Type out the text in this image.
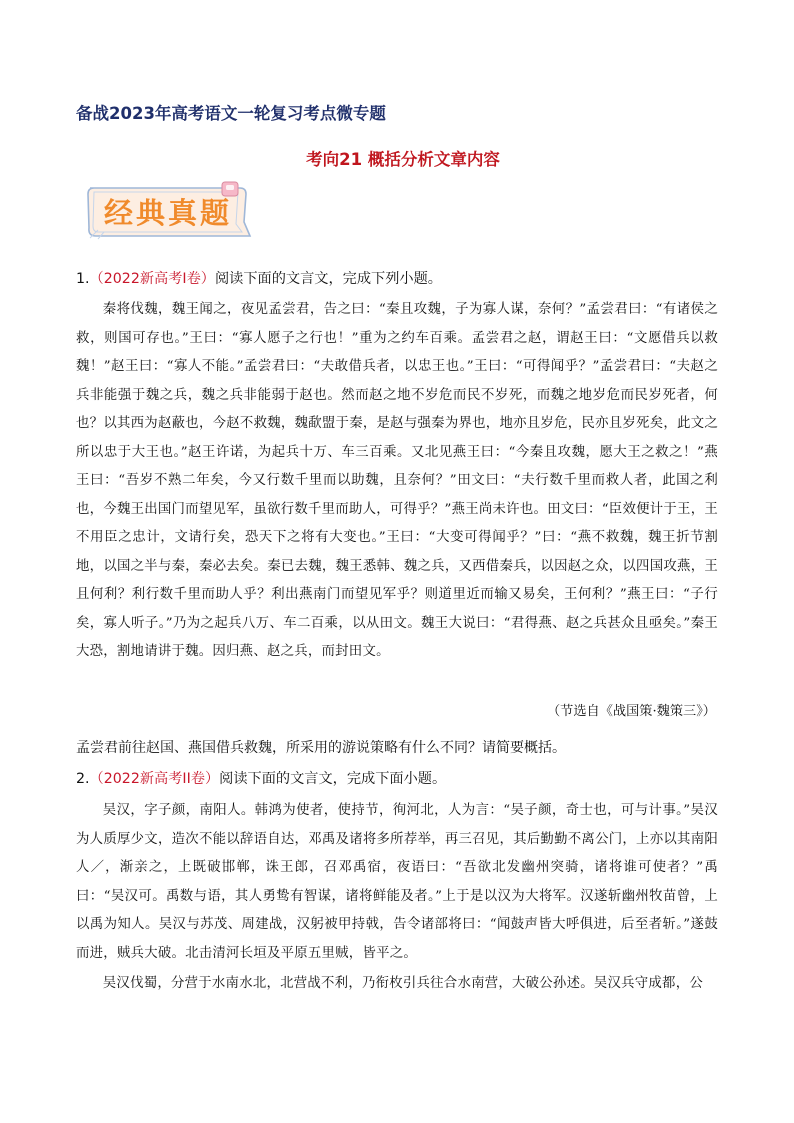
备战2023年高考语文一轮复习考点微专题
考向21 概括分析文章内容
经典真题

1.（2022新高考I卷）阅读下面的文言文，完成下列小题。

秦将伐魏，魏王闻之，夜见孟尝君，告之曰：“秦且攻魏，子为寡人谋，奈何？”孟尝君曰：“有诸侯之救，则国可存也。”王曰：“寡人愿子之行也！”重为之约车百乘。孟尝君之赵，谓赵王曰：“文愿借兵以救魏！”赵王曰：“寡人不能。”孟尝君曰：“夫敢借兵者，以忠王也。”王曰：“可得闻乎？”孟尝君曰：“夫赵之兵非能强于魏之兵，魏之兵非能弱于赵也。然而赵之地不岁危而民不岁死，而魏之地岁危而民岁死者，何也？以其西为赵蔽也，今赵不救魏，魏歃盟于秦，是赵与强秦为界也，地亦且岁危，民亦且岁死矣，此文之所以忠于大王也。”赵王许诺，为起兵十万、车三百乘。又北见燕王曰：“今秦且攻魏，愿大王之救之！”燕王曰：“吾岁不熟二年矣，今又行数千里而以助魏，且奈何？”田文曰：“夫行数千里而救人者，此国之利也，今魏王出国门而望见军，虽欲行数千里而助人，可得乎？”燕王尚未许也。田文曰：“臣效便计于王，王不用臣之忠计，文请行矣，恐天下之将有大变也。”王曰：“大变可得闻乎？”曰：“燕不救魏，魏王折节割地，以国之半与秦，秦必去矣。秦已去魏，魏王悉韩、魏之兵，又西借秦兵，以因赵之众，以四国攻燕，王且何利？利行数千里而助人乎？利出燕南门而望见军乎？则道里近而输又易矣，王何利？”燕王曰：“子行矣，寡人听子。”乃为之起兵八万、车二百乘，以从田文。魏王大说曰：“君得燕、赵之兵甚众且亟矣。”秦王大恐，割地请讲于魏。因归燕、赵之兵，而封田文。

（节选自《战国策·魏策三》）

孟尝君前往赵国、燕国借兵救魏，所采用的游说策略有什么不同？请简要概括。

2.（2022新高考II卷）阅读下面的文言文，完成下面小题。

吴汉，字子颜，南阳人。韩鸿为使者，使持节，徇河北，人为言：“吴子颜，奇士也，可与计事。”吴汉为人质厚少文，造次不能以辞语自达，邓禹及诸将多所荐举，再三召见，其后勤勤不离公门，上亦以其南阳人／，渐亲之，上既破邯郸，诛王郎，召邓禹宿，夜语曰：“吾欲北发幽州突骑，诸将谁可使者？”禹曰：“吴汉可。禹数与语，其人勇鸷有智谋，诸将鲜能及者。”上于是以汉为大将军。汉遂斩幽州牧苗曾，上以禹为知人。吴汉与苏茂、周建战，汉躬被甲持戟，告令诸部将曰：“闻鼓声皆大呼俱进，后至者斩。”遂鼓而进，贼兵大破。北击清河长垣及平原五里贼，皆平之。

吴汉伐蜀，分营于水南水北，北营战不利，乃衔枚引兵往合水南营，大破公孙述。吴汉兵守成都，公
